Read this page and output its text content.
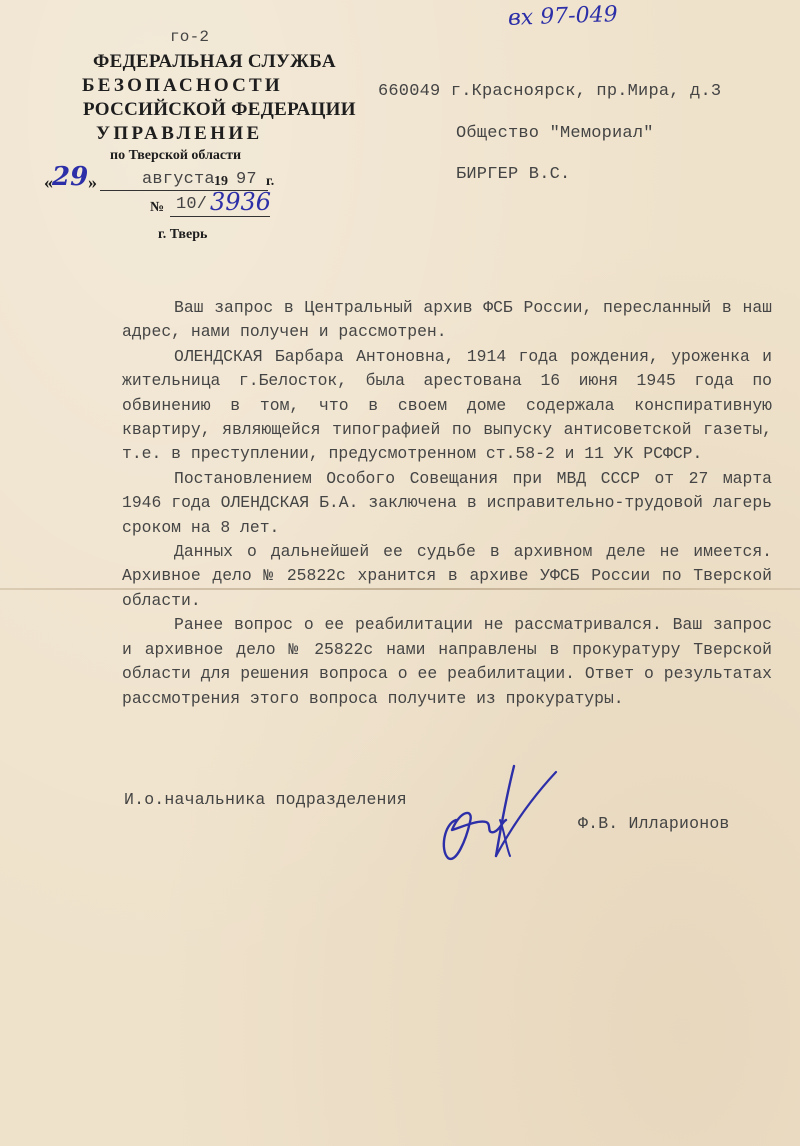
вх 97-049
го-2
ФЕДЕРАЛЬНАЯ СЛУЖБА
БЕЗОПАСНОСТИ
РОССИЙСКОЙ ФЕДЕРАЦИИ
УПРАВЛЕНИЕ
по Тверской области
29
« »	августа 19 97 г.
№ 10/ 3936
г. Тверь
660049 г.Красноярск, пр.Мира, д.3
Общество "Мемориал"
БИРГЕР В.С.

Ваш запрос в Центральный архив ФСБ России, пересланный в наш адрес, нами получен и рассмотрен.

ОЛЕНДСКАЯ Барбара Антоновна, 1914 года рождения, уроженка и жительница г.Белосток, была арестована 16 июня 1945 года по обвинению в том, что в своем доме содержала конспиративную квартиру, являющейся типографией по выпуску антисоветской газеты, т.е. в преступлении, предусмотренном ст.58-2 и 11 УК РСФСР.

Постановлением Особого Совещания при МВД СССР от 27 марта 1946 года ОЛЕНДСКАЯ Б.А. заключена в исправительно-трудовой лагерь сроком на 8 лет.

Данных о дальнейшей ее судьбе в архивном деле не имеется. Архивное дело № 25822с хранится в архиве УФСБ России по Тверской области.

Ранее вопрос о ее реабилитации не рассматривался. Ваш запрос и архивное дело № 25822с нами направлены в прокуратуру Тверской области для решения вопроса о ее реабилитации. Ответ о результатах рассмотрения этого вопроса получите из прокуратуры.

И.о.начальника подразделения
Ф.В. Илларионов
